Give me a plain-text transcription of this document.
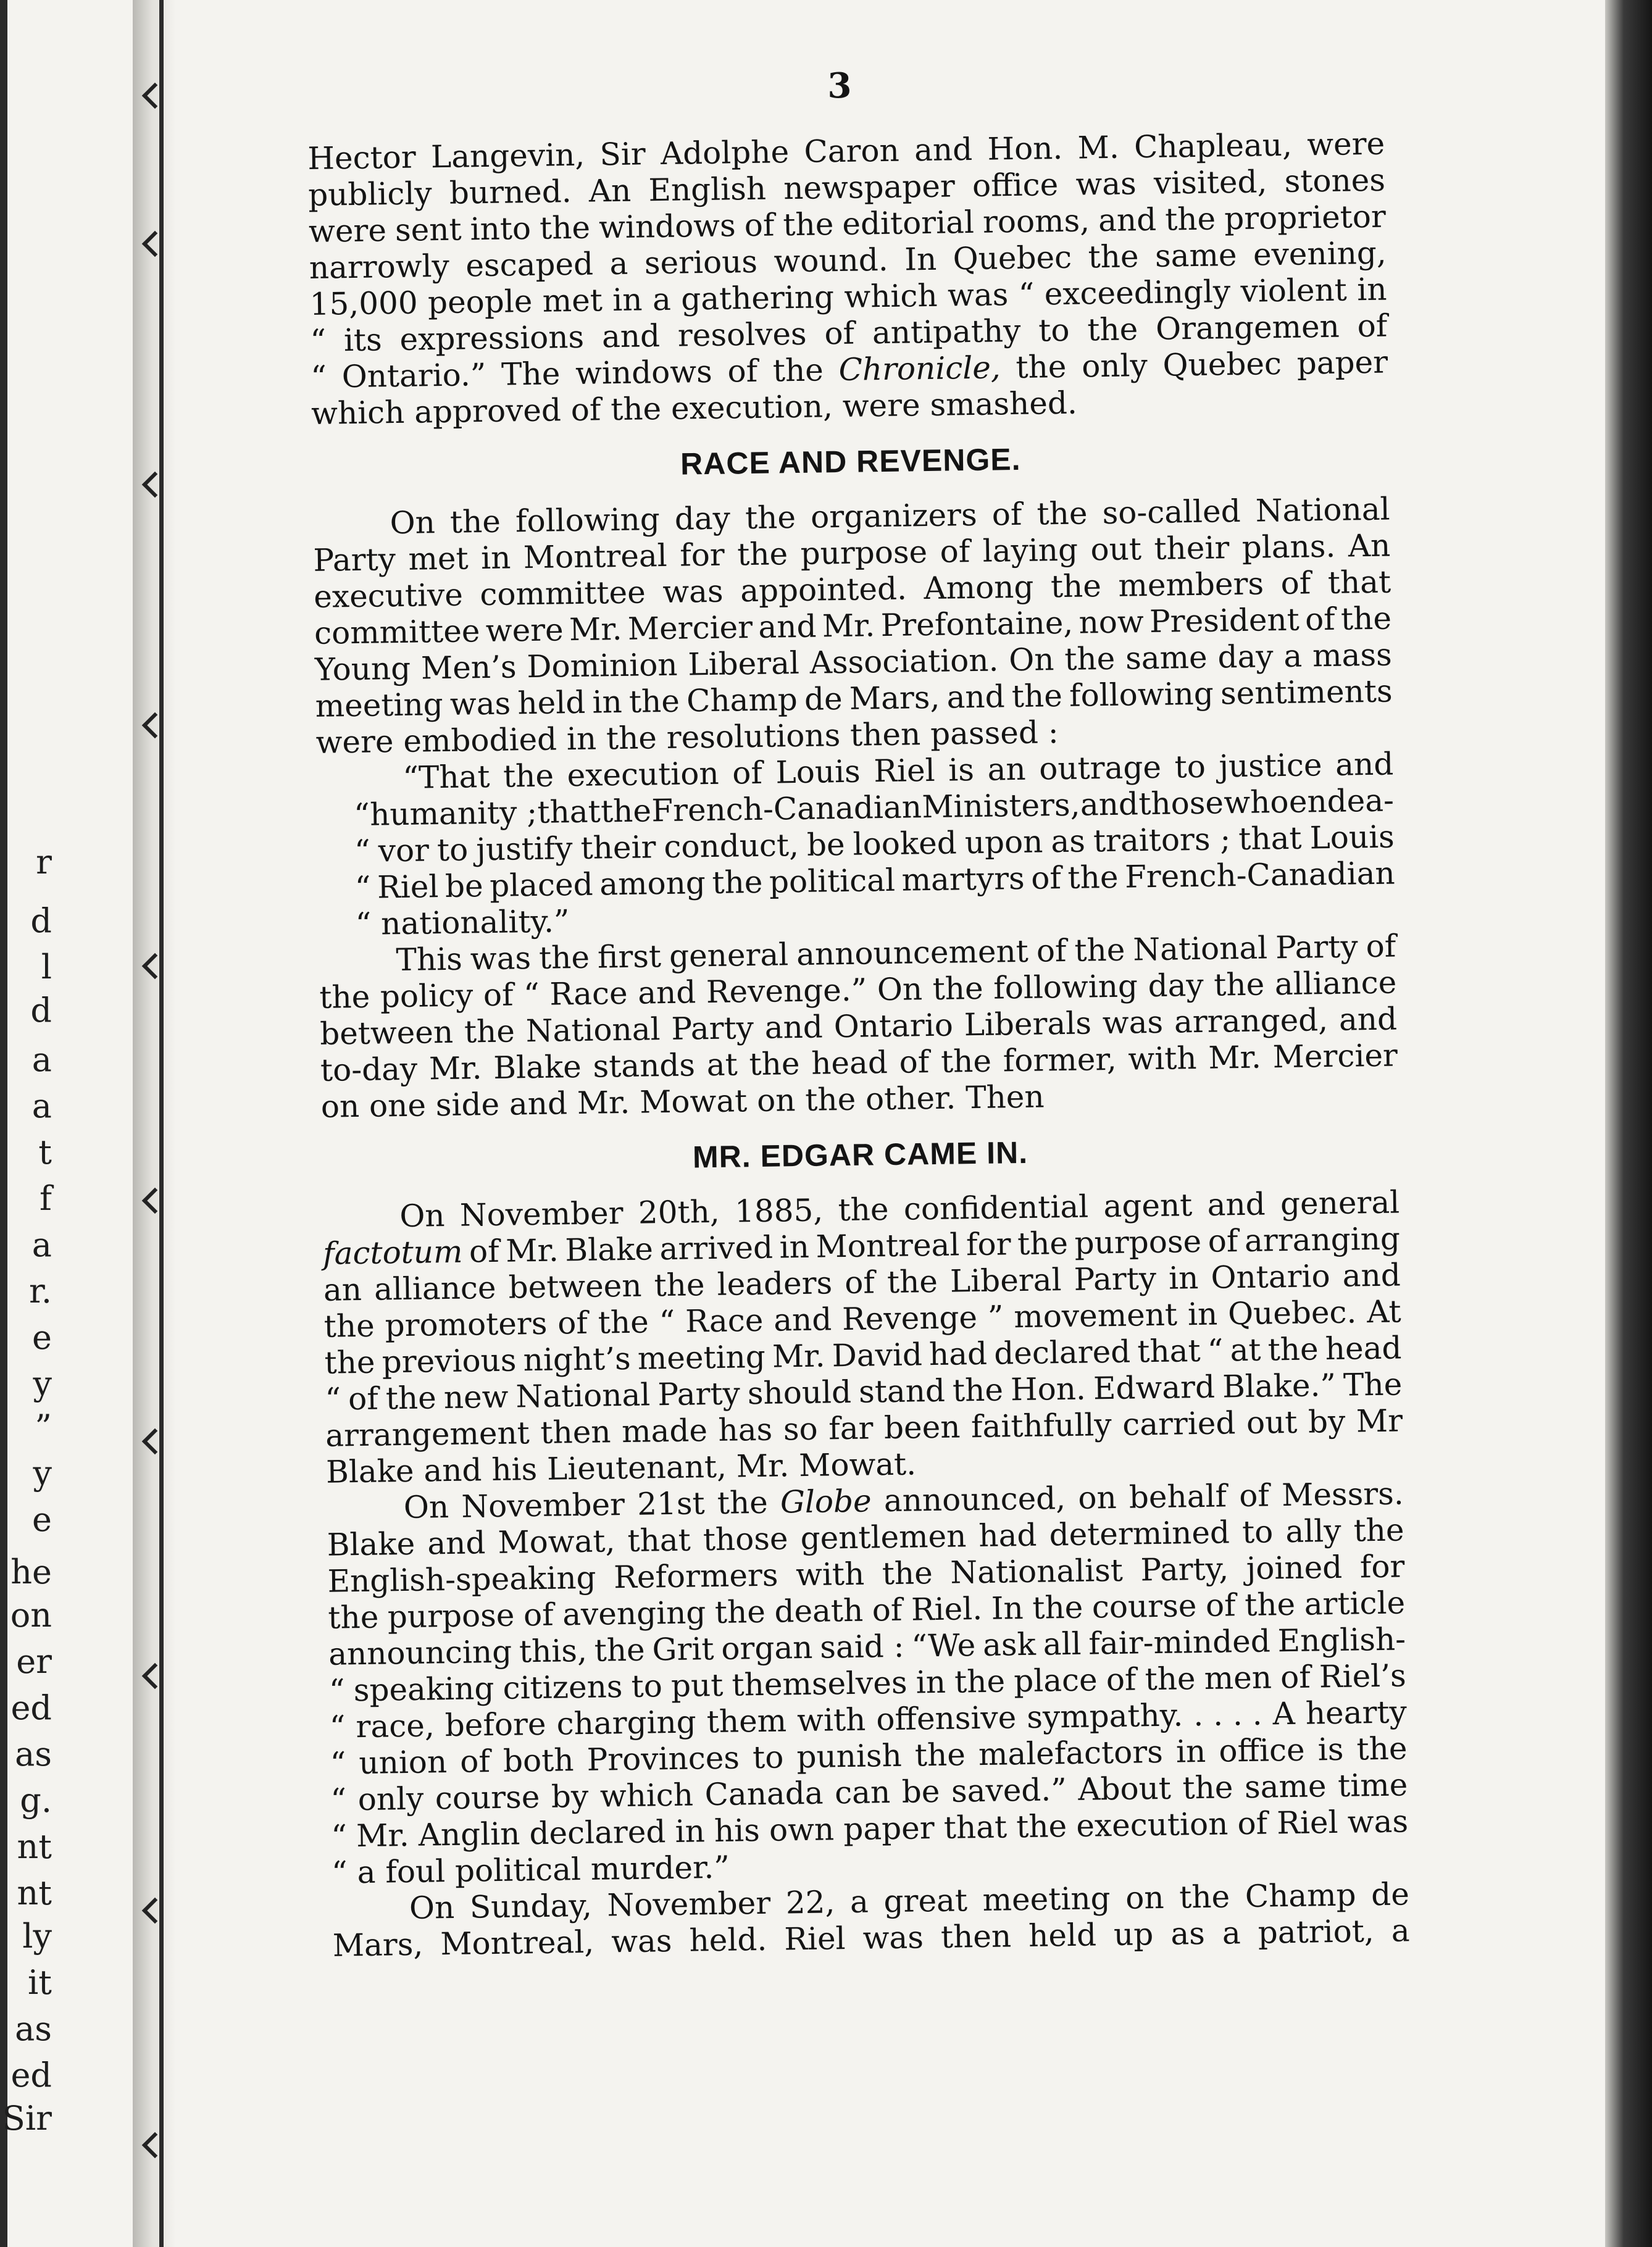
r
d
l
d
a
a
t
f
a
r.
e
y
”
y
e
he
on
er
ed
as
g.
nt
nt
ly
it
as
ed
Sir
3
Hector Langevin, Sir Adolphe Caron and Hon. M. Chapleau, were
publicly burned. An English newspaper office was visited, stones
were sent into the windows of the editorial rooms, and the proprietor
narrowly escaped a serious wound. In Quebec the same evening,
15,000 people met in a gathering which was “ exceedingly violent in
“ its expressions and resolves of antipathy to the Orangemen of
“ Ontario.” The windows of the Chronicle, the only Quebec paper
which approved of the execution, were smashed.
RACE AND REVENGE.
On the following day the organizers of the so-called National
Party met in Montreal for the purpose of laying out their plans. An
executive committee was appointed. Among the members of that
committee were Mr. Mercier and Mr. Prefontaine, now President of the
Young Men’s Dominion Liberal Association. On the same day a mass
meeting was held in the Champ de Mars, and the following sentiments
were embodied in the resolutions then passed :
“That the execution of Louis Riel is an outrage to justice and
“ humanity ; that the French-Canadian Ministers, and those who endea-
“ vor to justify their conduct, be looked upon as traitors ; that Louis
“ Riel be placed among the political martyrs of the French-Canadian
“ nationality.”
This was the first general announcement of the National Party of
the policy of “ Race and Revenge.” On the following day the alliance
between the National Party and Ontario Liberals was arranged, and
to-day Mr. Blake stands at the head of the former, with Mr. Mercier
on one side and Mr. Mowat on the other. Then
MR. EDGAR CAME IN.
On November 20th, 1885, the confidential agent and general
factotum of Mr. Blake arrived in Montreal for the purpose of arranging
an alliance between the leaders of the Liberal Party in Ontario and
the promoters of the “ Race and Revenge ” movement in Quebec. At
the previous night’s meeting Mr. David had declared that “ at the head
“ of the new National Party should stand the Hon. Edward Blake.” The
arrangement then made has so far been faithfully carried out by Mr
Blake and his Lieutenant, Mr. Mowat.
On November 21st the Globe announced, on behalf of Messrs.
Blake and Mowat, that those gentlemen had determined to ally the
English-speaking Reformers with the Nationalist Party, joined for
the purpose of avenging the death of Riel. In the course of the article
announcing this, the Grit organ said : “We ask all fair-minded English-
“ speaking citizens to put themselves in the place of the men of Riel’s
“ race, before charging them with offensive sympathy. . . . . A hearty
“ union of both Provinces to punish the malefactors in office is the
“ only course by which Canada can be saved.” About the same time
“ Mr. Anglin declared in his own paper that the execution of Riel was
“ a foul political murder.”
On Sunday, November 22, a great meeting on the Champ de
Mars, Montreal, was held. Riel was then held up as a patriot, a
